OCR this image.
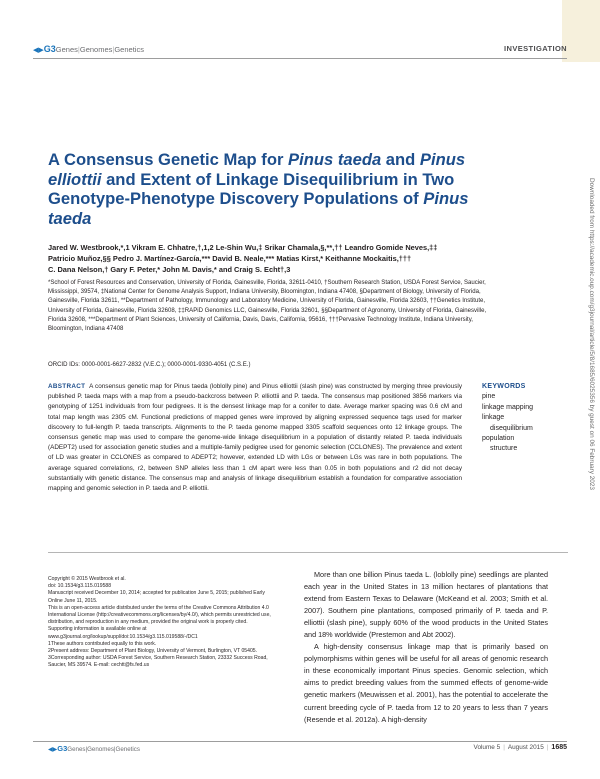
◀▶G3Genes|Genomes|Genetics	INVESTIGATION
A Consensus Genetic Map for Pinus taeda and Pinus elliottii and Extent of Linkage Disequilibrium in Two Genotype-Phenotype Discovery Populations of Pinus taeda
Jared W. Westbrook,*,1 Vikram E. Chhatre,†,1,2 Le-Shin Wu,‡ Srikar Chamala,§,**,†† Leandro Gomide Neves,‡‡
Patricio Muñoz,§§ Pedro J. Martínez-García,*** David B. Neale,*** Matias Kirst,* Keithanne Mockaitis,†††
C. Dana Nelson,† Gary F. Peter,* John M. Davis,* and Craig S. Echt†,3
*School of Forest Resources and Conservation, University of Florida, Gainesville, Florida, 32611-0410, †Southern Research Station, USDA Forest Service, Saucier, Mississippi, 39574, ‡National Center for Genome Analysis Support, Indiana University, Bloomington, Indiana 47408, §Department of Biology, University of Florida, Gainesville, Florida 32611, **Department of Pathology, Immunology and Laboratory Medicine, University of Florida, Gainesville, Florida 32603, ††Genetics Institute, University of Florida, Gainesville, Florida 32608, ‡‡RAPiD Genomics LLC, Gainesville, Florida 32601, §§Department of Agronomy, University of Florida, Gainesville, Florida 32608, ***Department of Plant Sciences, University of California, Davis, Davis, California, 95616, †††Pervasive Technology Institute, Indiana University, Bloomington, Indiana 47408
ORCID IDs: 0000-0001-6627-2832 (V.E.C.); 0000-0001-9330-4051 (C.S.E.)

ABSTRACT A consensus genetic map for Pinus taeda (loblolly pine) and Pinus elliottii (slash pine) was constructed by merging three previously published P. taeda maps with a map from a pseudo-backcross between P. elliottii and P. taeda. The consensus map positioned 3856 markers via genotyping of 1251 individuals from four pedigrees. It is the densest linkage map for a conifer to date. Average marker spacing was 0.6 cM and total map length was 2305 cM. Functional predictions of mapped genes were improved by aligning expressed sequence tags used for marker discovery to full-length P. taeda transcripts. Alignments to the P. taeda genome mapped 3305 scaffold sequences onto 12 linkage groups. The consensus genetic map was used to compare the genome-wide linkage disequilibrium in a population of distantly related P. taeda individuals (ADEPT2) used for association genetic studies and a multiple-family pedigree used for genomic selection (CCLONES). The prevalence and extent of LD was greater in CCLONES as compared to ADEPT2; however, extended LD with LGs or between LGs was rare in both populations. The average squared correlations, r2, between SNP alleles less than 1 cM apart were less than 0.05 in both populations and r2 did not decay substantially with genetic distance. The consensus map and analysis of linkage disequilibrium establish a foundation for comparative association mapping and genomic selection in P. taeda and P. elliottii.

KEYWORDS
pine
linkage mapping
linkage
disequilibrium
population
structure	Downloaded from https://academic.oup.com/g3journal/article/5/8/1685/6025356 by guest on 06 February 2023

Copyright © 2015 Westbrook et al.

doi: 10.1534/g3.115.019588

Manuscript received December 10, 2014; accepted for publication June 5, 2015; published Early Online June 11, 2015.

This is an open-access article distributed under the terms of the Creative Commons Attribution 4.0 International License (http://creativecommons.org/licenses/by/4.0/), which permits unrestricted use, distribution, and reproduction in any medium, provided the original work is properly cited.

Supporting information is available online at www.g3journal.org/lookup/suppl/doi:10.1534/g3.115.019588/-/DC1

1These authors contributed equally to this work.

2Present address: Department of Plant Biology, University of Vermont, Burlington, VT 05405.

3Corresponding author: USDA Forest Service, Southern Research Station, 23332 Success Road, Saucier, MS 39574. E-mail: cechtt@fs.fed.us

More than one billion Pinus taeda L. (loblolly pine) seedlings are planted each year in the United States in 13 million hectares of plantations that extend from Eastern Texas to Delaware (McKeand et al. 2003; Smith et al. 2007). Southern pine plantations, composed primarily of P. taeda and P. elliottii (slash pine), supply 60% of the wood products in the United States and 18% worldwide (Prestemon and Abt 2002).

A high-density consensus linkage map that is primarily based on polymorphisms within genes will be useful for all areas of genomic research in these economically important Pinus species. Genomic selection, which aims to predict breeding values from the summed effects of genome-wide genetic markers (Meuwissen et al. 2001), has the potential to accelerate the current breeding cycle of P. taeda from 12 to 20 years to less than 7 years (Resende et al. 2012a). A high-density

◀▶G3Genes|Genomes|Genetics	Volume 5 | August 2015 | 1685
